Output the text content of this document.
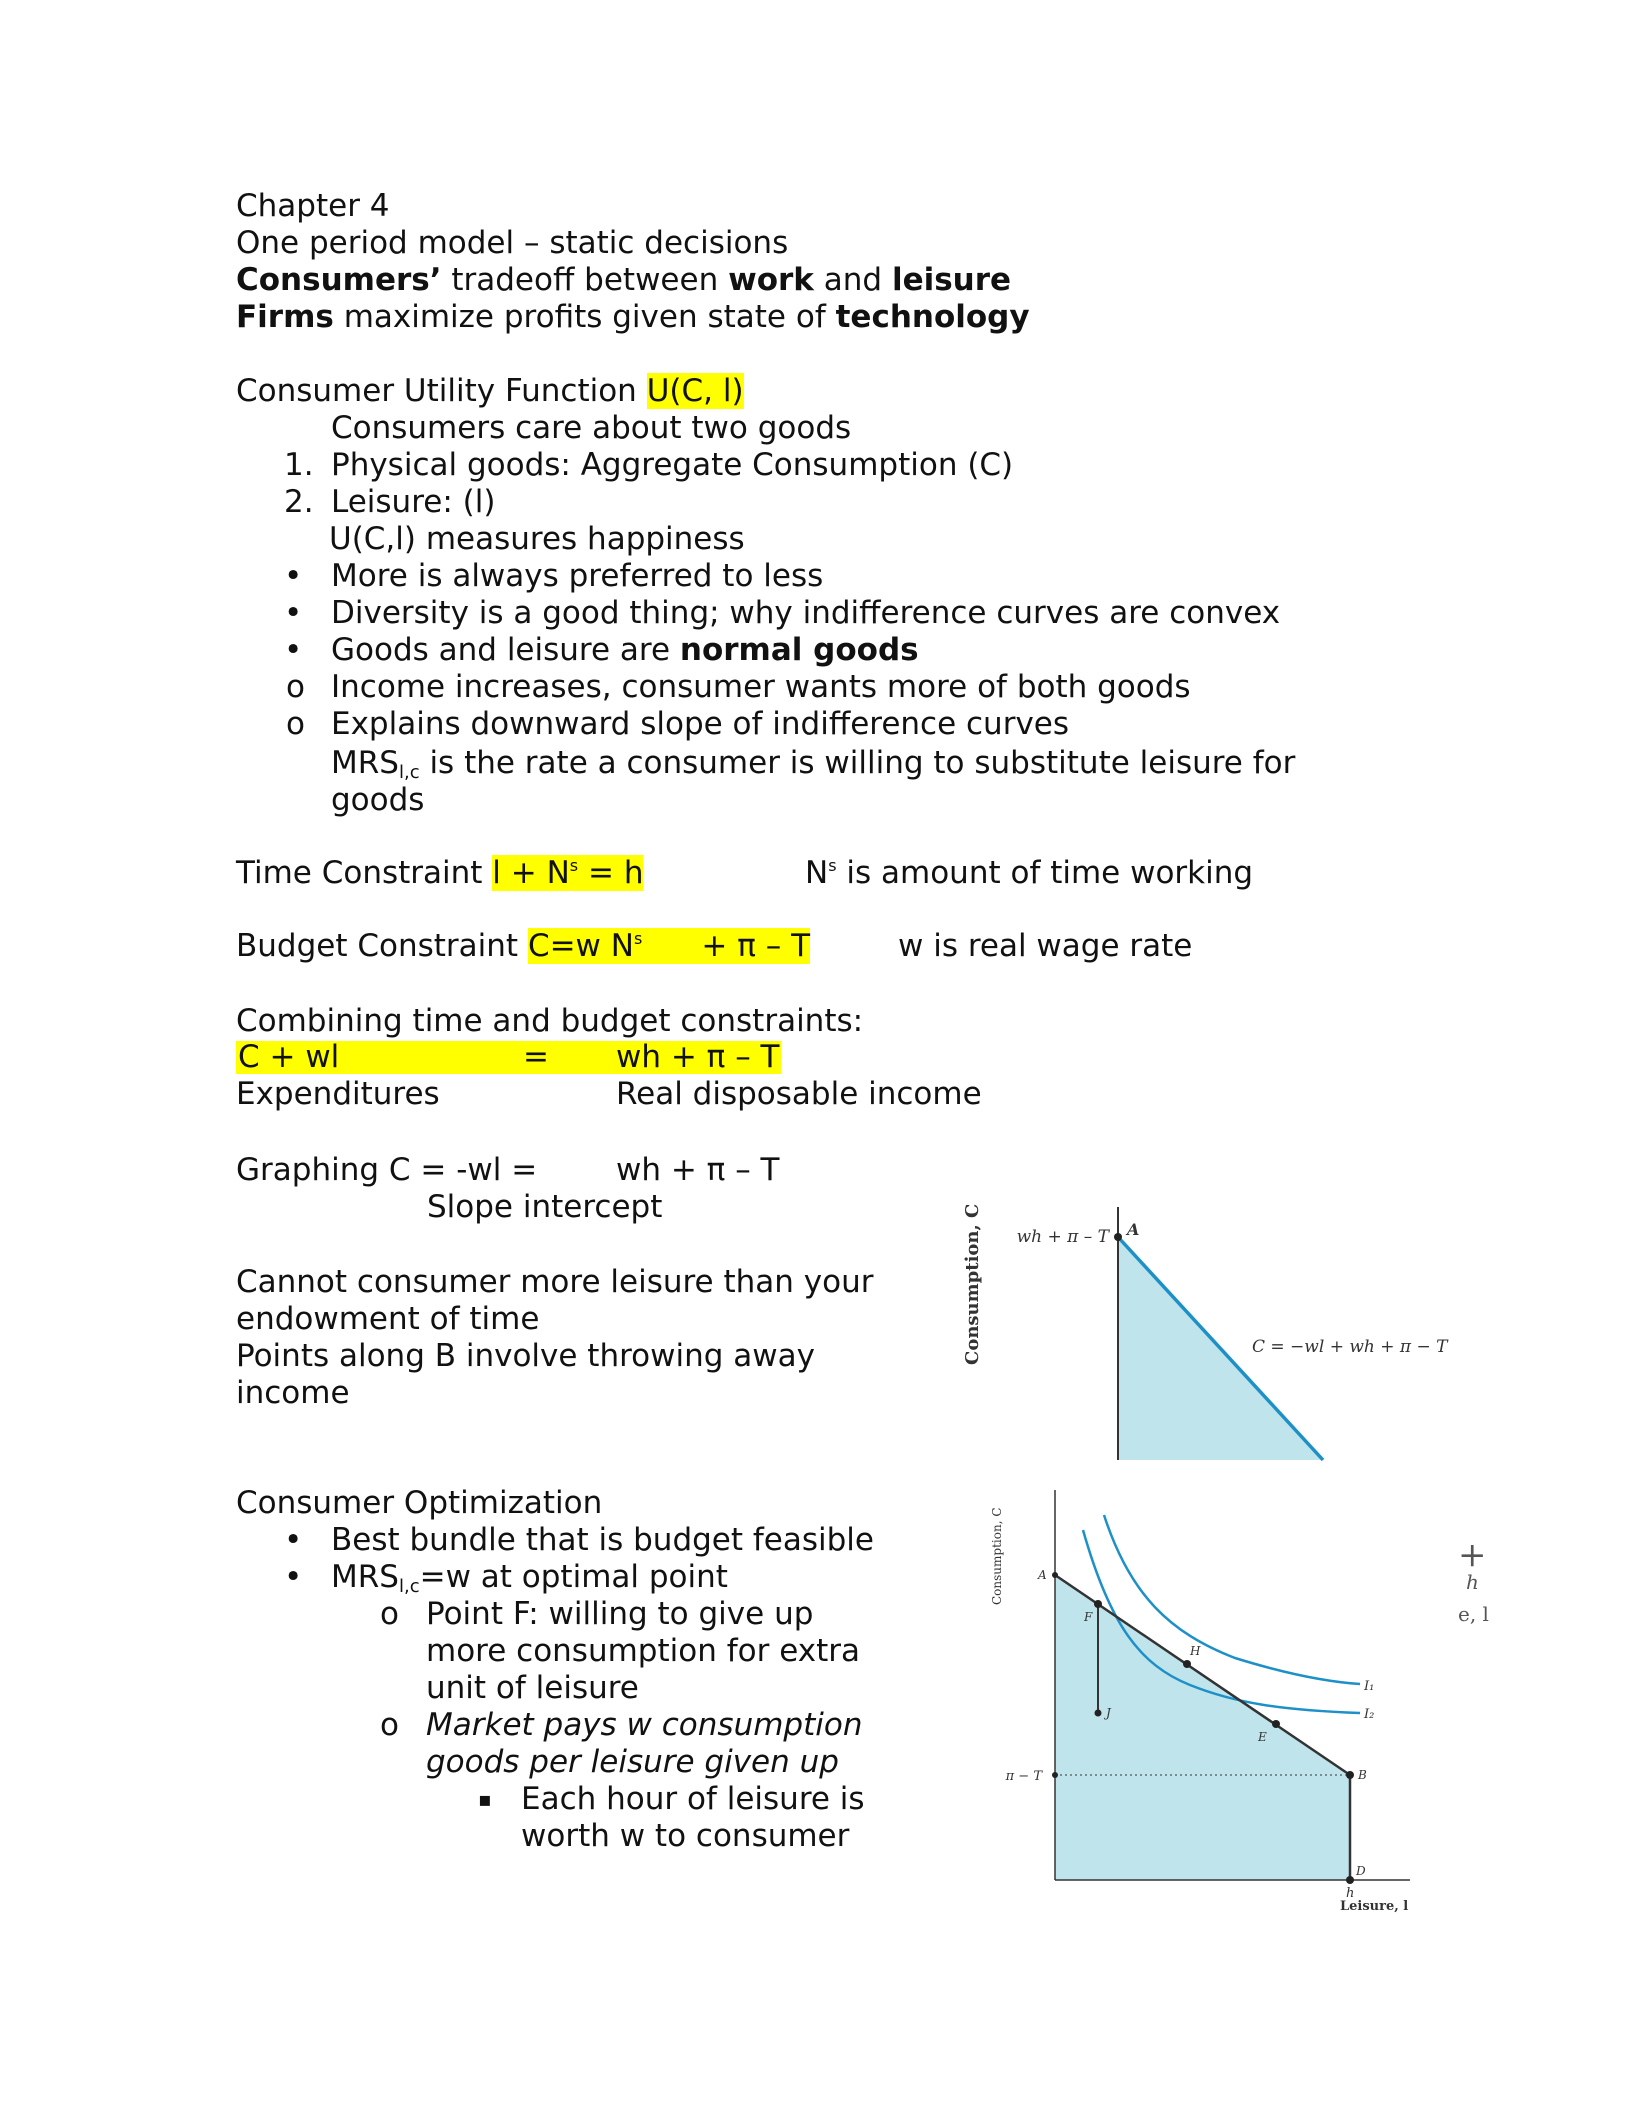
Chapter 4
One period model – static decisions
Consumers’ tradeoff between work and leisure
Firms maximize profits given state of technology
Consumer Utility Function U(C, l)
Consumers care about two goods
1. Physical goods: Aggregate Consumption (C)
2. Leisure: (l)
U(C,l) measures happiness
• More is always preferred to less
• Diversity is a good thing; why indifference curves are convex
• Goods and leisure are normal goods
o Income increases, consumer wants more of both goods
o Explains downward slope of indifference curves
$MRS_{l,c}$ is the rate a consumer is willing to substitute leisure for
goods
Time Constraint $l + N^s = h$	$N^s$ is amount of time working
Budget Constraint C=w $N^s$      + π – T	w is real wage rate
Combining time and budget constraints:
C + wl	= wh + π – T
Expenditures	Real disposable income
Graphing C = -wl =	wh + π – T
Slope intercept
Cannot consumer more leisure than your
endowment of time
Points along B involve throwing away
income
Consumer Optimization
• Best bundle that is budget feasible
• $MRS_{l,c}=w$ at optimal point
o Point F: willing to give up
more consumption for extra
unit of leisure
o Market pays w consumption
goods per leisure given up
▪ Each hour of leisure is
worth w to consumer
Consumption, C wh + π – T A
C = −wl + wh + π − T
Consumption, C
Leisure, l
h
π − T
A
F
H
E
J
B
D
I₁
I₂
+
h
e, l
